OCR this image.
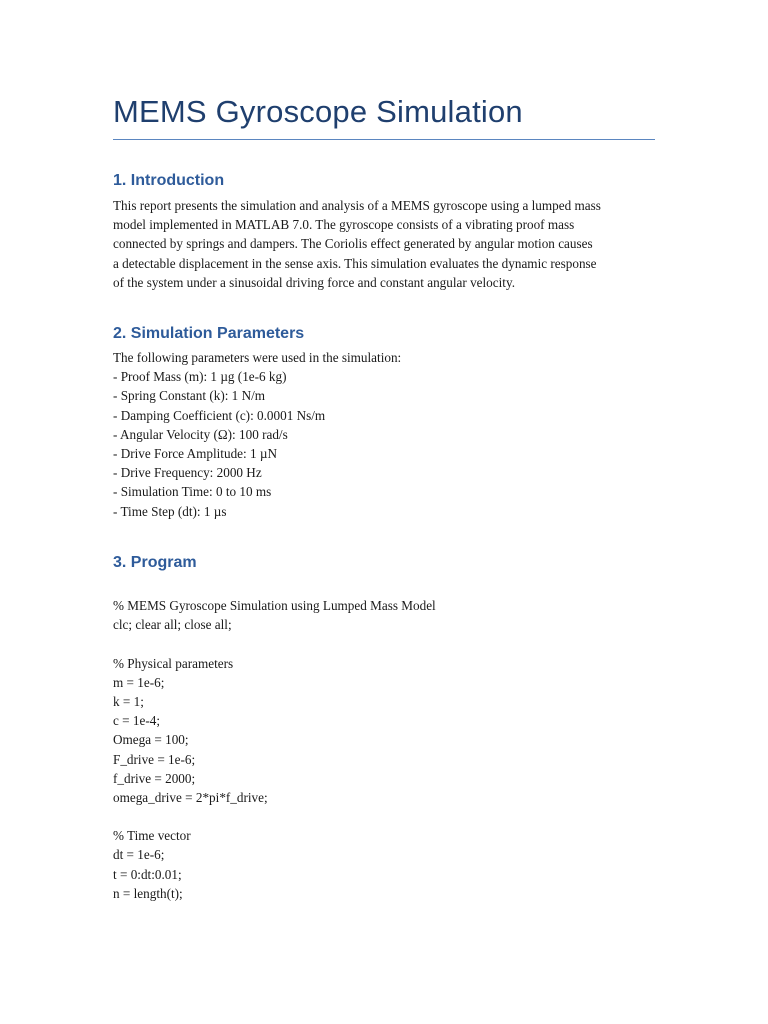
MEMS Gyroscope Simulation
1. Introduction
This report presents the simulation and analysis of a MEMS gyroscope using a lumped mass
model implemented in MATLAB 7.0. The gyroscope consists of a vibrating proof mass
connected by springs and dampers. The Coriolis effect generated by angular motion causes
a detectable displacement in the sense axis. This simulation evaluates the dynamic response
of the system under a sinusoidal driving force and constant angular velocity.
2. Simulation Parameters
The following parameters were used in the simulation:
- Proof Mass (m): 1 µg (1e-6 kg)
- Spring Constant (k): 1 N/m
- Damping Coefficient (c): 0.0001 Ns/m
- Angular Velocity (Ω): 100 rad/s
- Drive Force Amplitude: 1 µN
- Drive Frequency: 2000 Hz
- Simulation Time: 0 to 10 ms
- Time Step (dt): 1 µs
3. Program
% MEMS Gyroscope Simulation using Lumped Mass Model
clc; clear all; close all;
% Physical parameters
m = 1e-6;
k = 1;
c = 1e-4;
Omega = 100;
F_drive = 1e-6;
f_drive = 2000;
omega_drive = 2*pi*f_drive;
% Time vector
dt = 1e-6;
t = 0:dt:0.01;
n = length(t);
